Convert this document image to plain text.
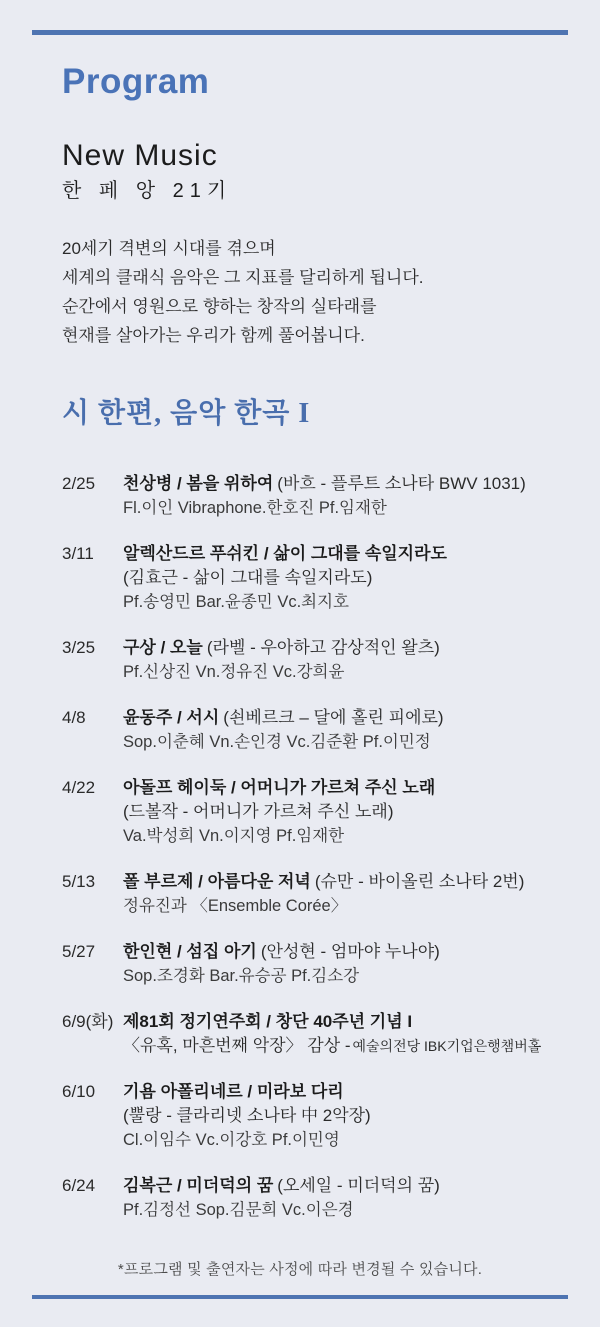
Program
New Music
한 페 앙 21기
20세기 격변의 시대를 겪으며
세계의 클래식 음악은 그 지표를 달리하게 됩니다.
순간에서 영원으로 향하는 창작의 실타래를
현재를 살아가는 우리가 함께 풀어봅니다.
시 한편, 음악 한곡 I
2/25	천상병 / 봄을 위하여 (바흐 - 플루트 소나타 BWV 1031)
Fl.이인 Vibraphone.한호진 Pf.임재한
3/11	알렉산드르 푸쉬킨 / 삶이 그대를 속일지라도
(김효근 - 삶이 그대를 속일지라도)
Pf.송영민 Bar.윤종민 Vc.최지호
3/25	구상 / 오늘 (라벨 - 우아하고 감상적인 왈츠)
Pf.신상진 Vn.정유진 Vc.강희윤
4/8	윤동주 / 서시 (쇤베르크 – 달에 홀린 피에로)
Sop.이춘혜 Vn.손인경 Vc.김준환 Pf.이민정
4/22	아돌프 헤이둑 / 어머니가 가르쳐 주신 노래
(드볼작 - 어머니가 가르쳐 주신 노래)
Va.박성희 Vn.이지영 Pf.임재한
5/13	폴 부르제 / 아름다운 저녁 (슈만 - 바이올린 소나타 2번)
정유진과 〈Ensemble Corée〉
5/27	한인현 / 섬집 아기 (안성현 - 엄마야 누나야)
Sop.조경화 Bar.유승공 Pf.김소강
6/9(화) 제81회 정기연주회 / 창단 40주년 기념 I
〈유혹, 마흔번째 악장〉 감상 - 예술의전당 IBK기업은행챔버홀
6/10	기욤 아폴리네르 / 미라보 다리
(뿔랑 - 클라리넷 소나타 中 2악장)
Cl.이임수 Vc.이강호 Pf.이민영
6/24	김복근 / 미더덕의 꿈 (오세일 - 미더덕의 꿈)
Pf.김정선 Sop.김문희 Vc.이은경
*프로그램 및 출연자는 사정에 따라 변경될 수 있습니다.
